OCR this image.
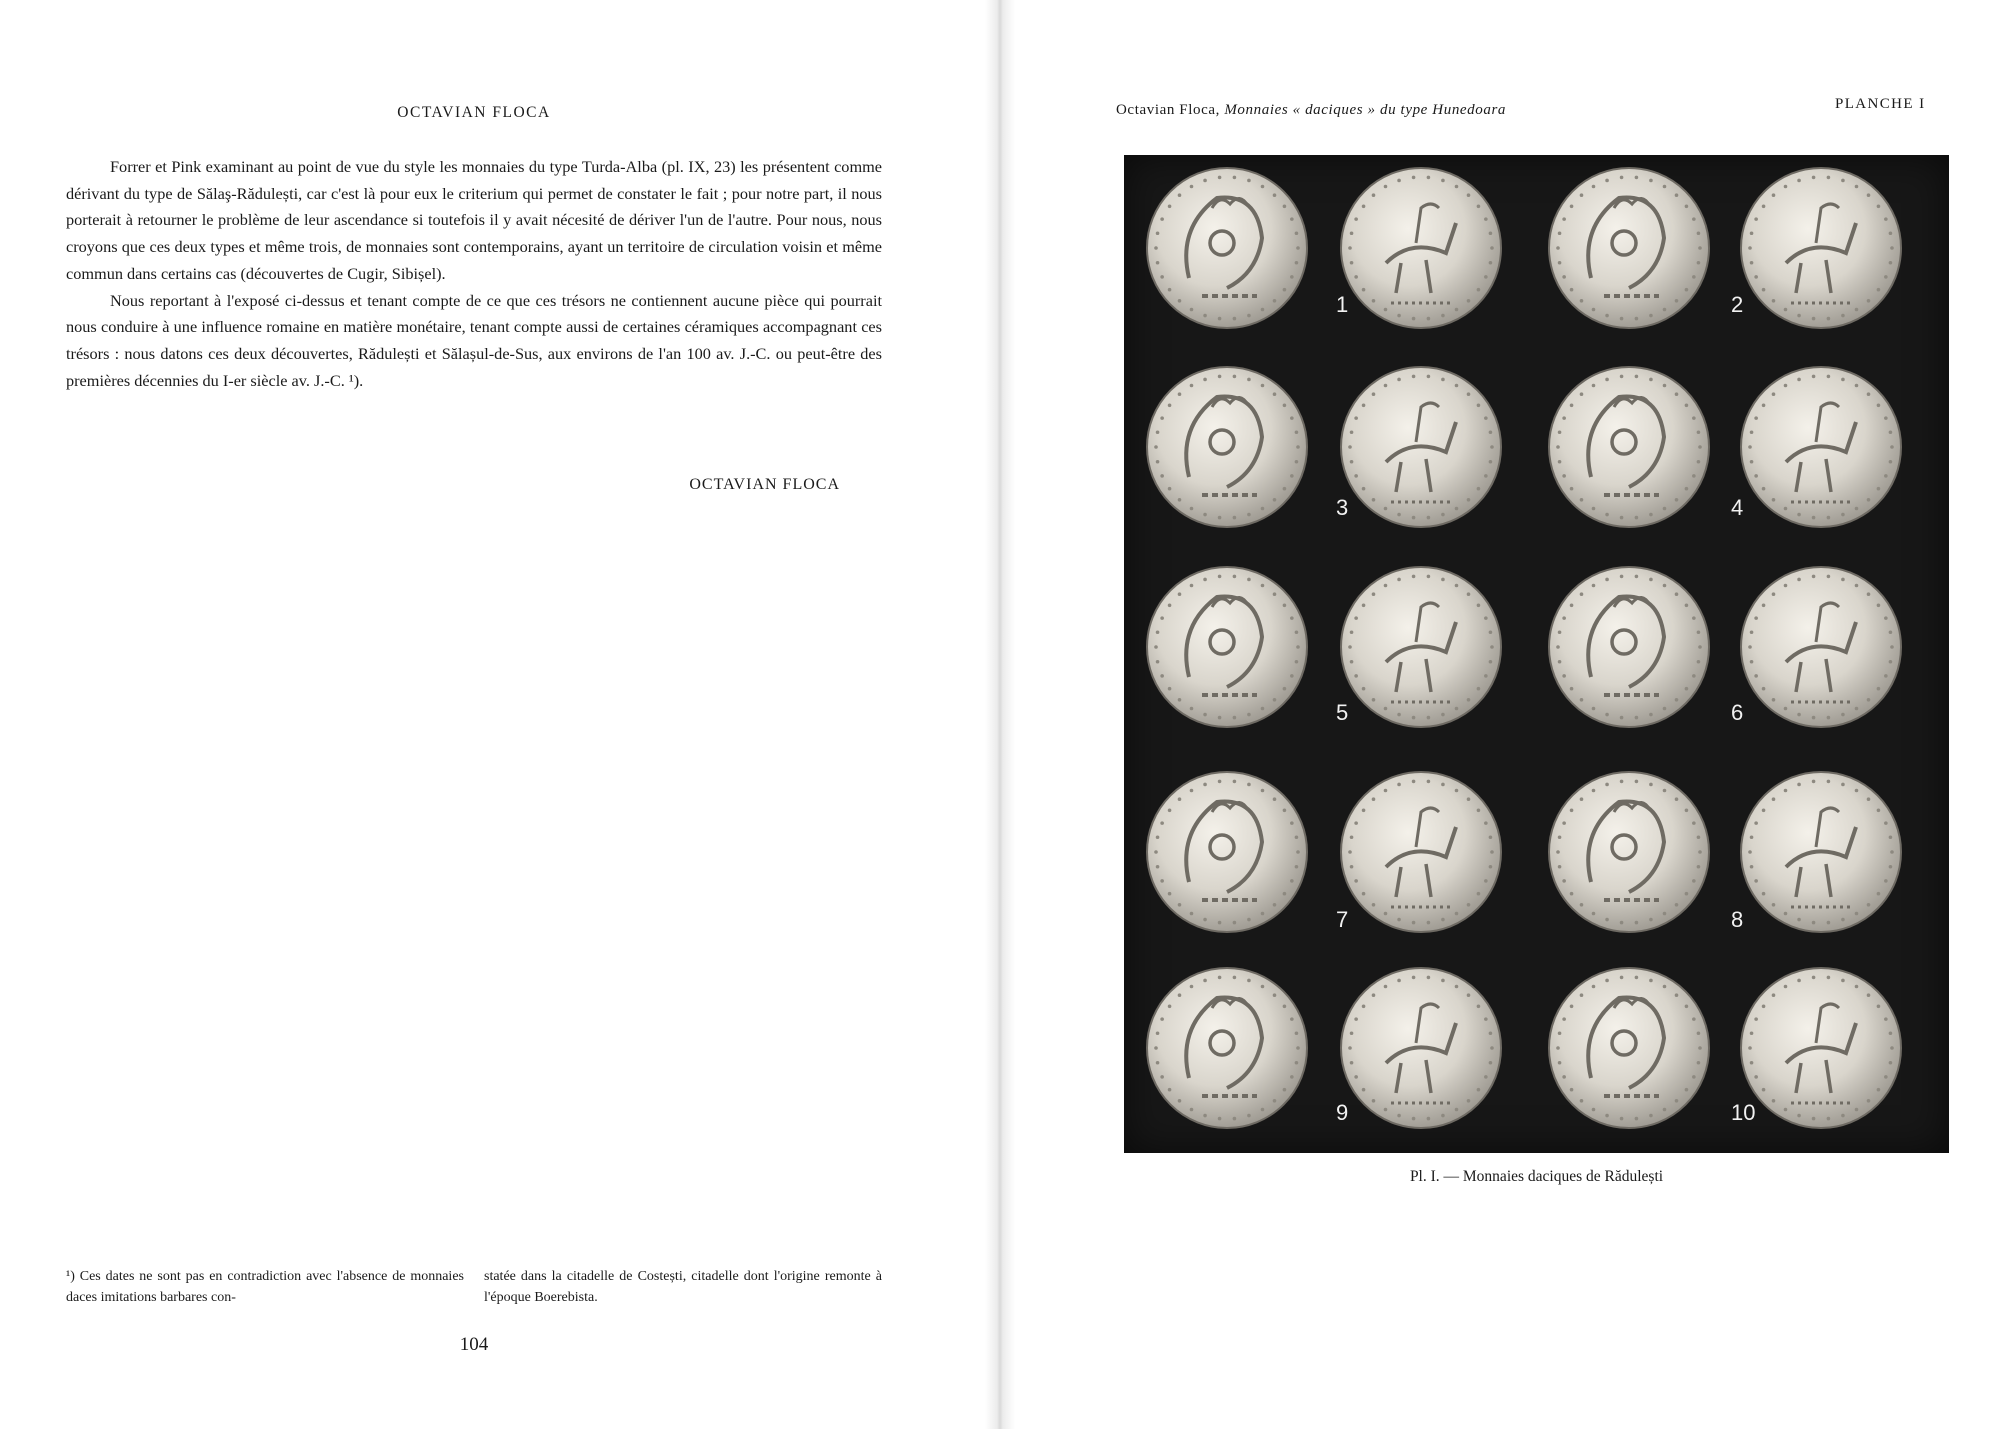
OCTAVIAN FLOCA

Forrer et Pink examinant au point de vue du style les monnaies du type Turda-Alba (pl. IX, 23) les présentent comme dérivant du type de Sălaş-Rădulești, car c'est là pour eux le criterium qui permet de constater le fait ; pour notre part, il nous porterait à retourner le problème de leur ascendance si toutefois il y avait nécesité de dériver l'un de l'autre. Pour nous, nous croyons que ces deux types et même trois, de monnaies sont contemporains, ayant un territoire de circulation voisin et même commun dans certains cas (découvertes de Cugir, Sibișel).

Nous reportant à l'exposé ci-dessus et tenant compte de ce que ces trésors ne contiennent aucune pièce qui pourrait nous conduire à une influence romaine en matière monétaire, tenant compte aussi de certaines céramiques accompagnant ces trésors : nous datons ces deux découvertes, Rădulești et Sălașul-de-Sus, aux environs de l'an 100 av. J.-C. ou peut-être des premières décennies du I-er siècle av. J.-C. ¹).

OCTAVIAN FLOCA

¹) Ces dates ne sont pas en contradiction avec l'absence de monnaies daces imitations barbares con-

statée dans la citadelle de Costești, citadelle dont l'origine remonte à l'époque Boerebista.

104
Octavian Floca, Monnaies « daciques » du type Hunedoara	PLANCHE I
1	2
3	4
5	6
7	8
9	10
Pl. I. — Monnaies daciques de Rădulești
